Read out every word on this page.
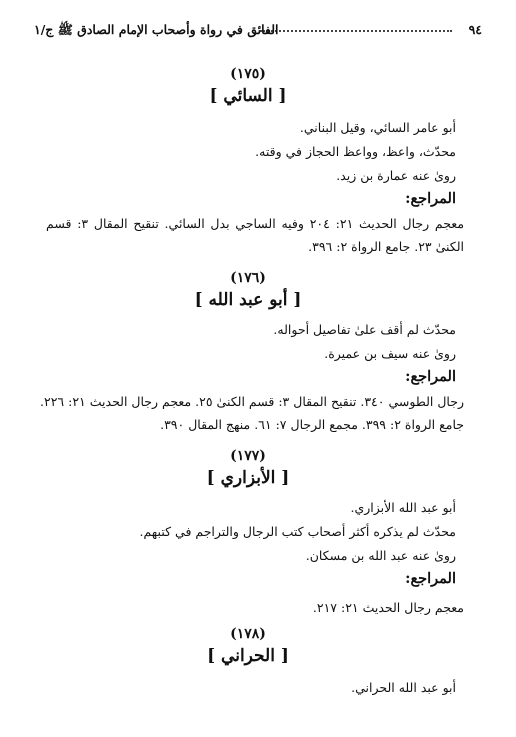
٩٤
الفائق في رواة وأصحاب الإمام الصادق ﷺ ج/١
(١٧٥)
[ السائي ]
أبو عامر السائي، وقيل البناني.
محدّث، واعظ، وواعظ الحجاز في وقته.
روىٰ عنه عمارة بن زيد.
المراجع:
معجم رجال الحديث ٢١: ٢٠٤ وفيه الساجي بدل السائي. تنقيح المقال ٣: قسم الكنىٰ ٢٣. جامع الرواة ٢: ٣٩٦.
(١٧٦)
[ أبو عبد الله ]
محدّث لم أقف علىٰ تفاصيل أحواله.
روىٰ عنه سيف بن عميرة.
المراجع:
رجال الطوسي ٣٤٠. تنقيح المقال ٣: قسم الكنىٰ ٢٥. معجم رجال الحديث ٢١: ٢٢٦. جامع الرواة ٢: ٣٩٩. مجمع الرجال ٧: ٦١. منهج المقال ٣٩٠.
(١٧٧)
[ الأبزاري ]
أبو عبد الله الأبزاري.
محدّث لم يذكره أكثر أصحاب كتب الرجال والتراجم في كتبهم.
روىٰ عنه عبد الله بن مسكان.
المراجع:
معجم رجال الحديث ٢١: ٢١٧.
(١٧٨)
[ الحراني ]
أبو عبد الله الحراني.
